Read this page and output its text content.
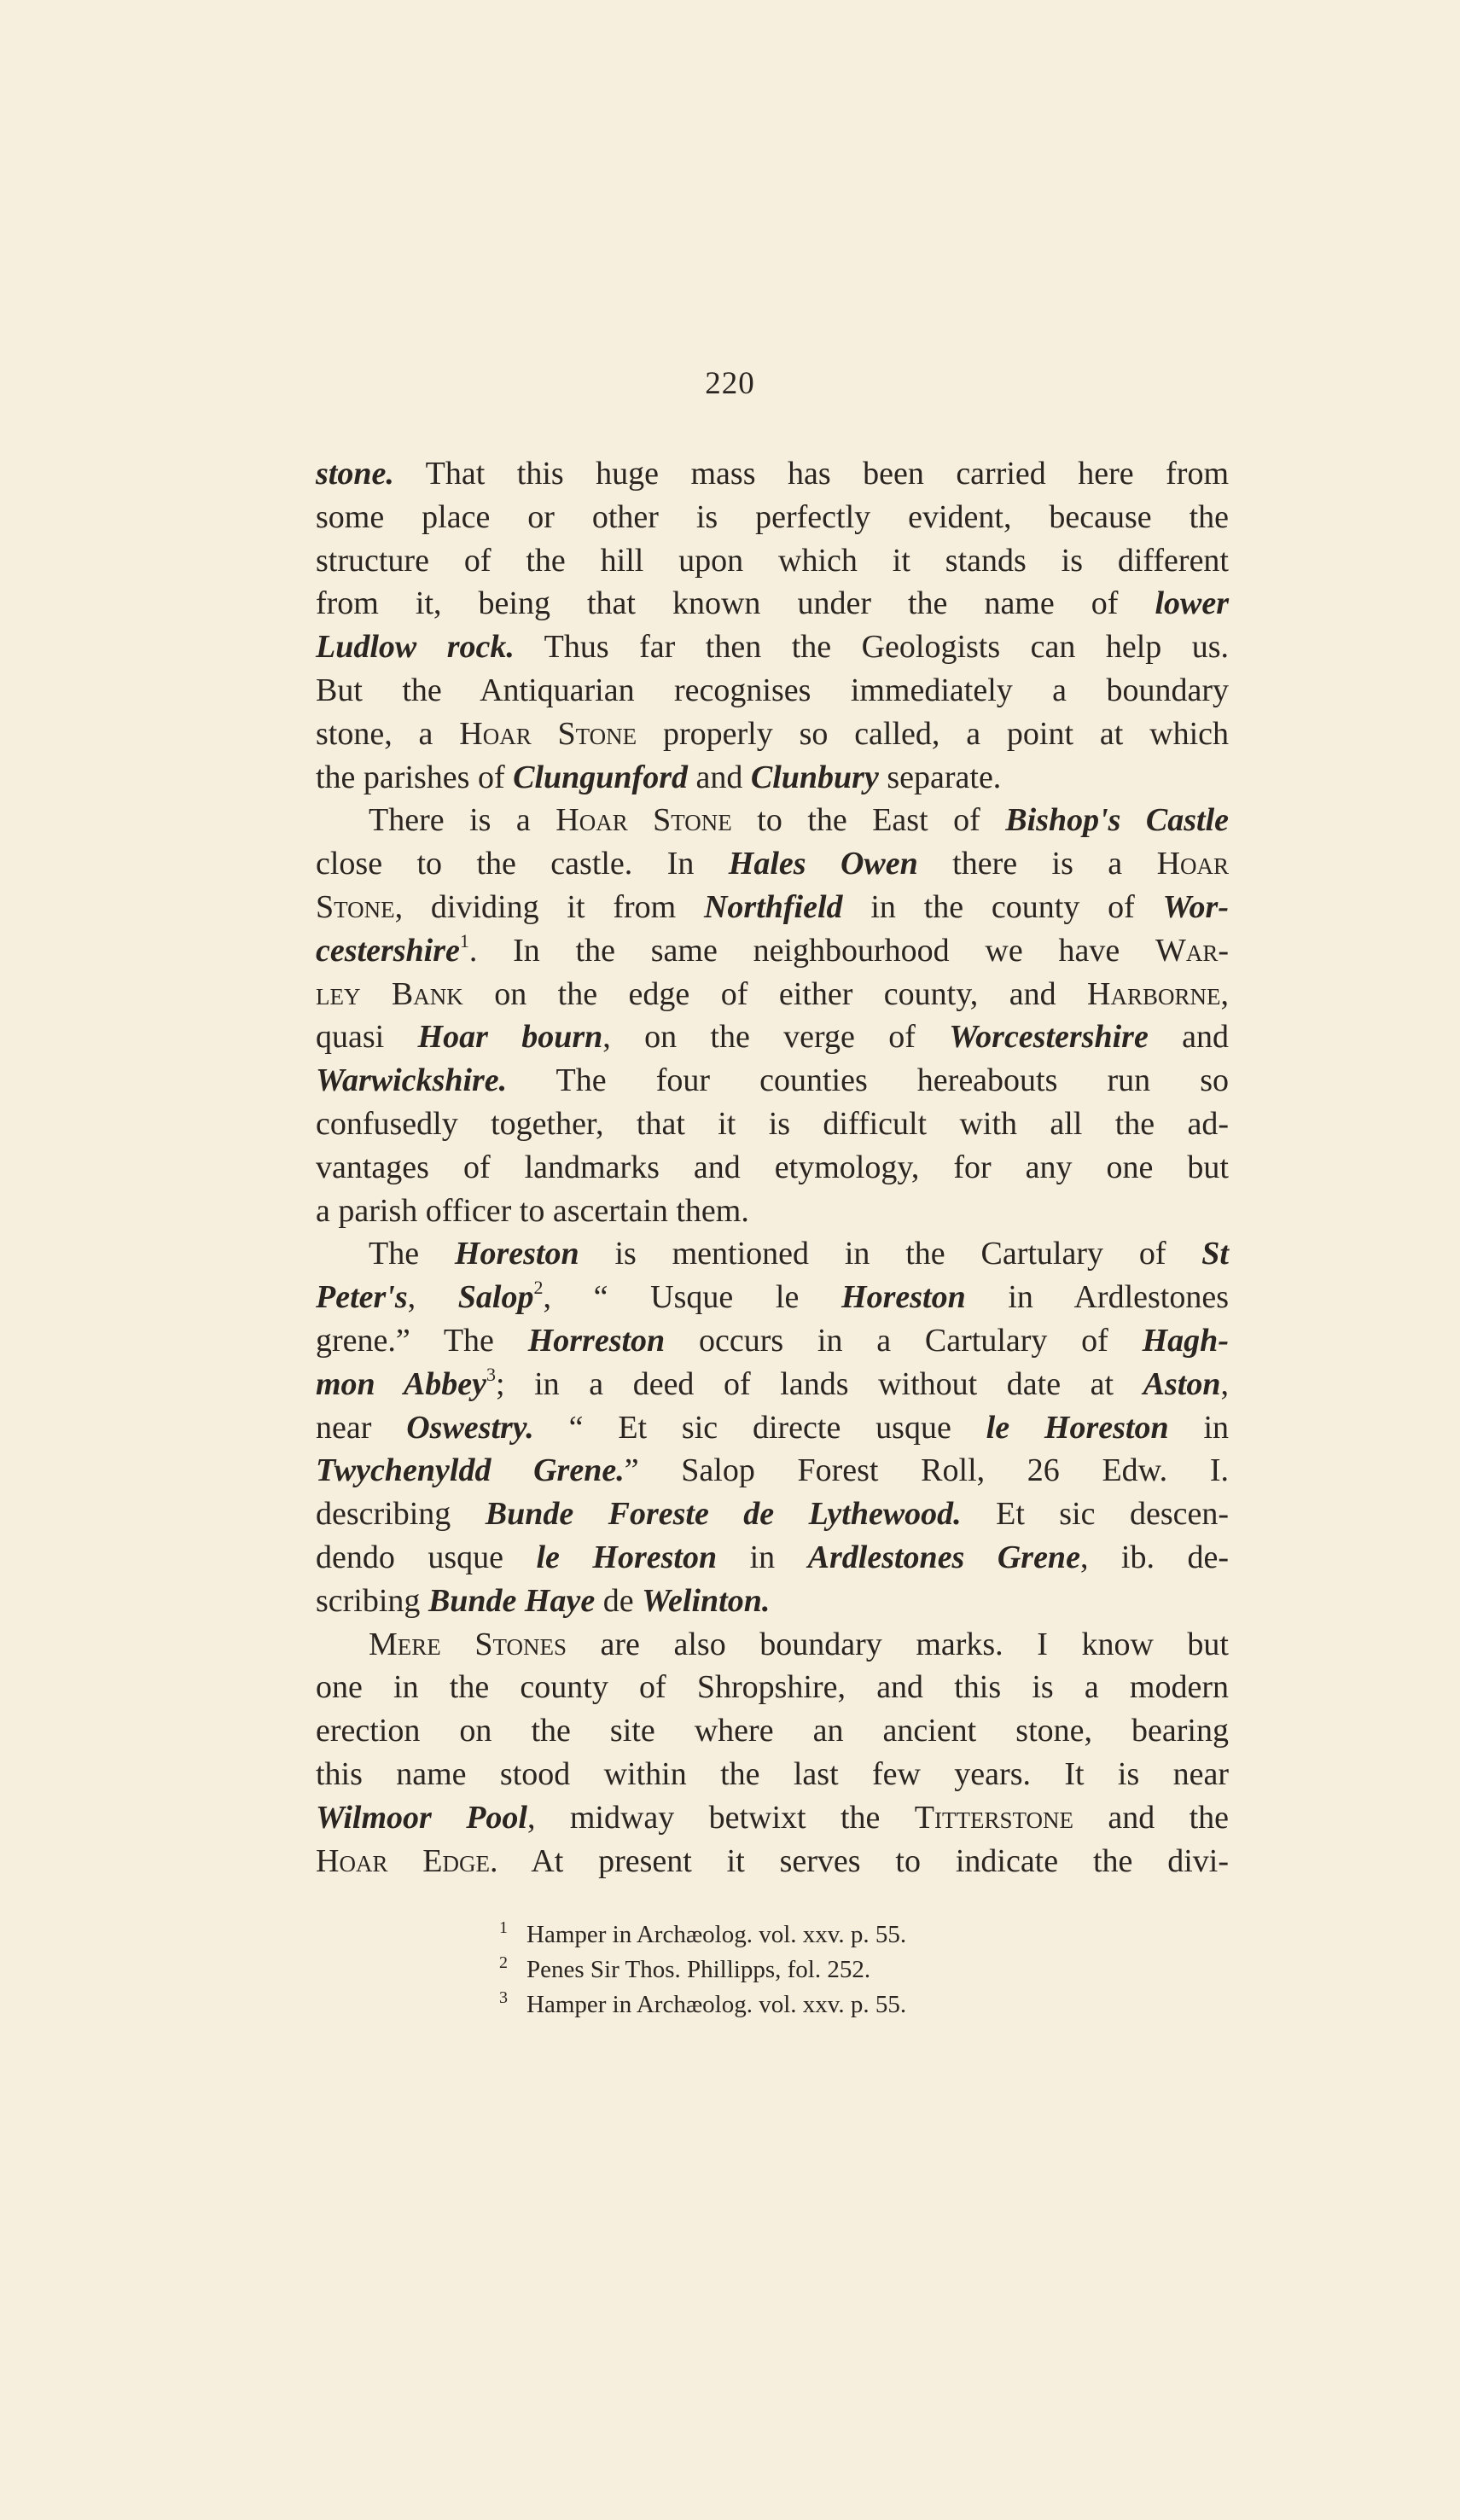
220
stone. That this huge mass has been carried here from
some place or other is perfectly evident, because the
structure of the hill upon which it stands is different
from it, being that known under the name of lower
Ludlow rock. Thus far then the Geologists can help us.
But the Antiquarian recognises immediately a boundary
stone, a Hoar Stone properly so called, a point at which
the parishes of Clungunford and Clunbury separate.
There is a Hoar Stone to the East of Bishop's Castle
close to the castle. In Hales Owen there is a Hoar
Stone, dividing it from Northfield in the county of Wor-
cestershire$^1$. In the same neighbourhood we have War-
ley Bank on the edge of either county, and Harborne,
quasi Hoar bourn, on the verge of Worcestershire and
Warwickshire. The four counties hereabouts run so
confusedly together, that it is difficult with all the ad-
vantages of landmarks and etymology, for any one but
a parish officer to ascertain them.
The Horeston is mentioned in the Cartulary of St
Peter's, Salop$^2$, “ Usque le Horeston in Ardlestones
grene.” The Horreston occurs in a Cartulary of Hagh-
mon Abbey$^3$; in a deed of lands without date at Aston,
near Oswestry. “ Et sic directe usque le Horeston in
Twychenyldd Grene.” Salop Forest Roll, 26 Edw. I.
describing Bunde Foreste de Lythewood. Et sic descen-
dendo usque le Horeston in Ardlestones Grene, ib. de-
scribing Bunde Haye de Welinton.
Mere Stones are also boundary marks. I know but
one in the county of Shropshire, and this is a modern
erection on the site where an ancient stone, bearing
this name stood within the last few years. It is near
Wilmoor Pool, midway betwixt the Titterstone and the
Hoar Edge. At present it serves to indicate the divi-
1 Hamper in Archæolog. vol. xxv. p. 55.
2 Penes Sir Thos. Phillipps, fol. 252.
3 Hamper in Archæolog. vol. xxv. p. 55.
